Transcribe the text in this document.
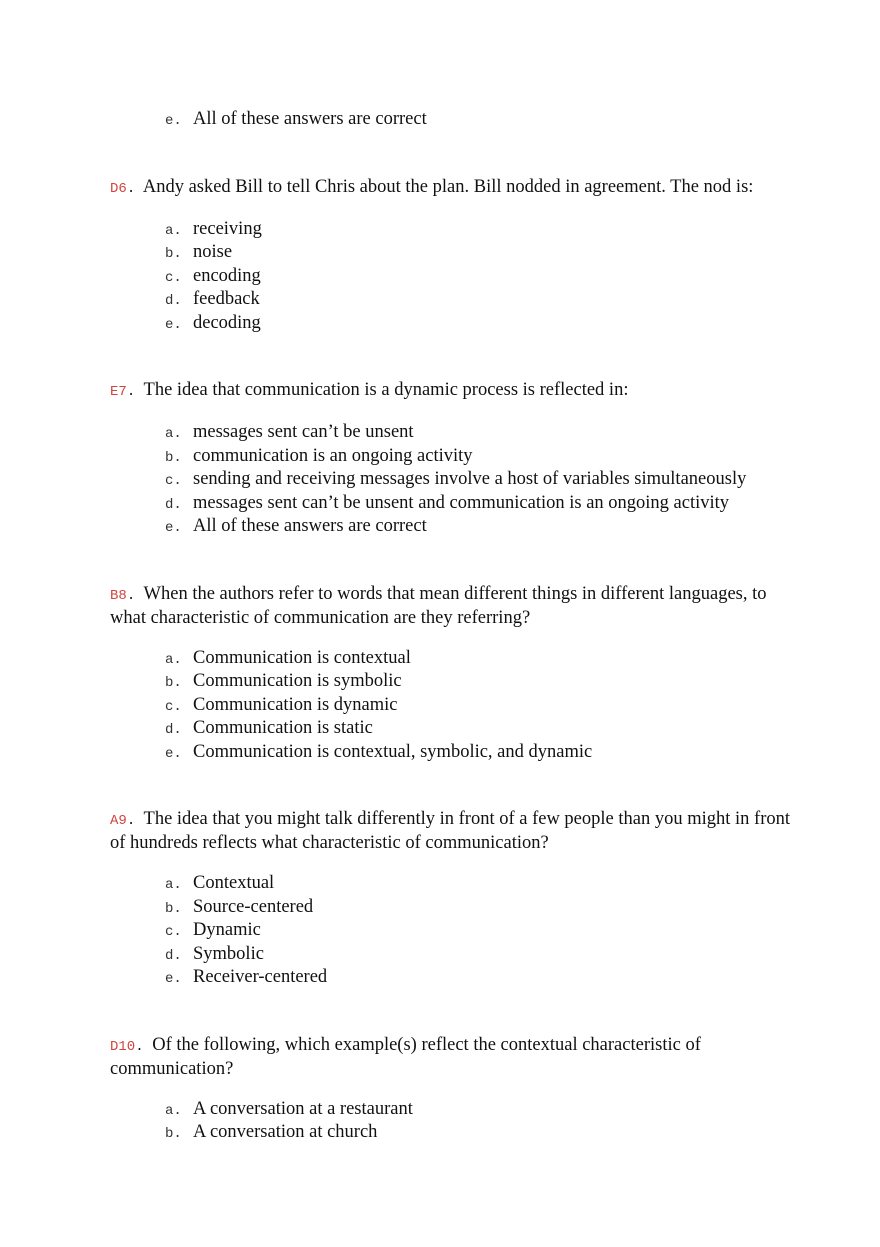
e. All of these answers are correct
D6. Andy asked Bill to tell Chris about the plan. Bill nodded in agreement. The nod is:
a. receiving
b. noise
c. encoding
d. feedback
e. decoding
E7. The idea that communication is a dynamic process is reflected in:
a. messages sent can’t be unsent
b. communication is an ongoing activity
c. sending and receiving messages involve a host of variables simultaneously
d. messages sent can’t be unsent and communication is an ongoing activity
e. All of these answers are correct
B8. When the authors refer to words that mean different things in different languages, to what characteristic of communication are they referring?
a. Communication is contextual
b. Communication is symbolic
c. Communication is dynamic
d. Communication is static
e. Communication is contextual, symbolic, and dynamic
A9. The idea that you might talk differently in front of a few people than you might in front of hundreds reflects what characteristic of communication?
a. Contextual
b. Source-centered
c. Dynamic
d. Symbolic
e. Receiver-centered
D10. Of the following, which example(s) reflect the contextual characteristic of communication?
a. A conversation at a restaurant
b. A conversation at church
